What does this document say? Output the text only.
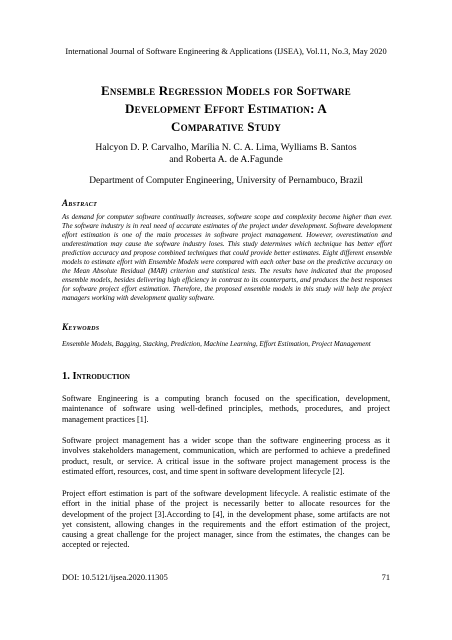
International Journal of Software Engineering & Applications (IJSEA), Vol.11, No.3, May 2020
Ensemble Regression Models for Software
Development Effort Estimation: A
Comparative Study
Halcyon D. P. Carvalho, Marília N. C. A. Lima, Wylliams B. Santos
and Roberta A. de A.Fagunde
Department of Computer Engineering, University of Pernambuco, Brazil
Abstract
As demand for computer software continually increases, software scope and complexity become higher than ever. The software industry is in real need of accurate estimates of the project under development. Software development effort estimation is one of the main processes in software project management. However, overestimation and underestimation may cause the software industry loses. This study determines which technique has better effort prediction accuracy and propose combined techniques that could provide better estimates. Eight different ensemble models to estimate effort with Ensemble Models were compared with each other base on the predictive accuracy on the Mean Absolute Residual (MAR) criterion and statistical tests. The results have indicated that the proposed ensemble models, besides delivering high efficiency in contrast to its counterparts, and produces the best responses for software project effort estimation. Therefore, the proposed ensemble models in this study will help the project managers working with development quality software.
Keywords
Ensemble Models, Bagging, Stacking, Prediction, Machine Learning, Effort Estimation, Project Management
1. Introduction
Software Engineering is a computing branch focused on the specification, development, maintenance of software using well-defined principles, methods, procedures, and project management practices [1].
Software project management has a wider scope than the software engineering process as it involves stakeholders management, communication, which are performed to achieve a predefined product, result, or service. A critical issue in the software project management process is the estimated effort, resources, cost, and time spent in software development lifecycle [2].
Project effort estimation is part of the software development lifecycle. A realistic estimate of the effort in the initial phase of the project is necessarily better to allocate resources for the development of the project [3].According to [4], in the development phase, some artifacts are not yet consistent, allowing changes in the requirements and the effort estimation of the project, causing a great challenge for the project manager, since from the estimates, the changes can be accepted or rejected.
DOI: 10.5121/ijsea.2020.11305	71
